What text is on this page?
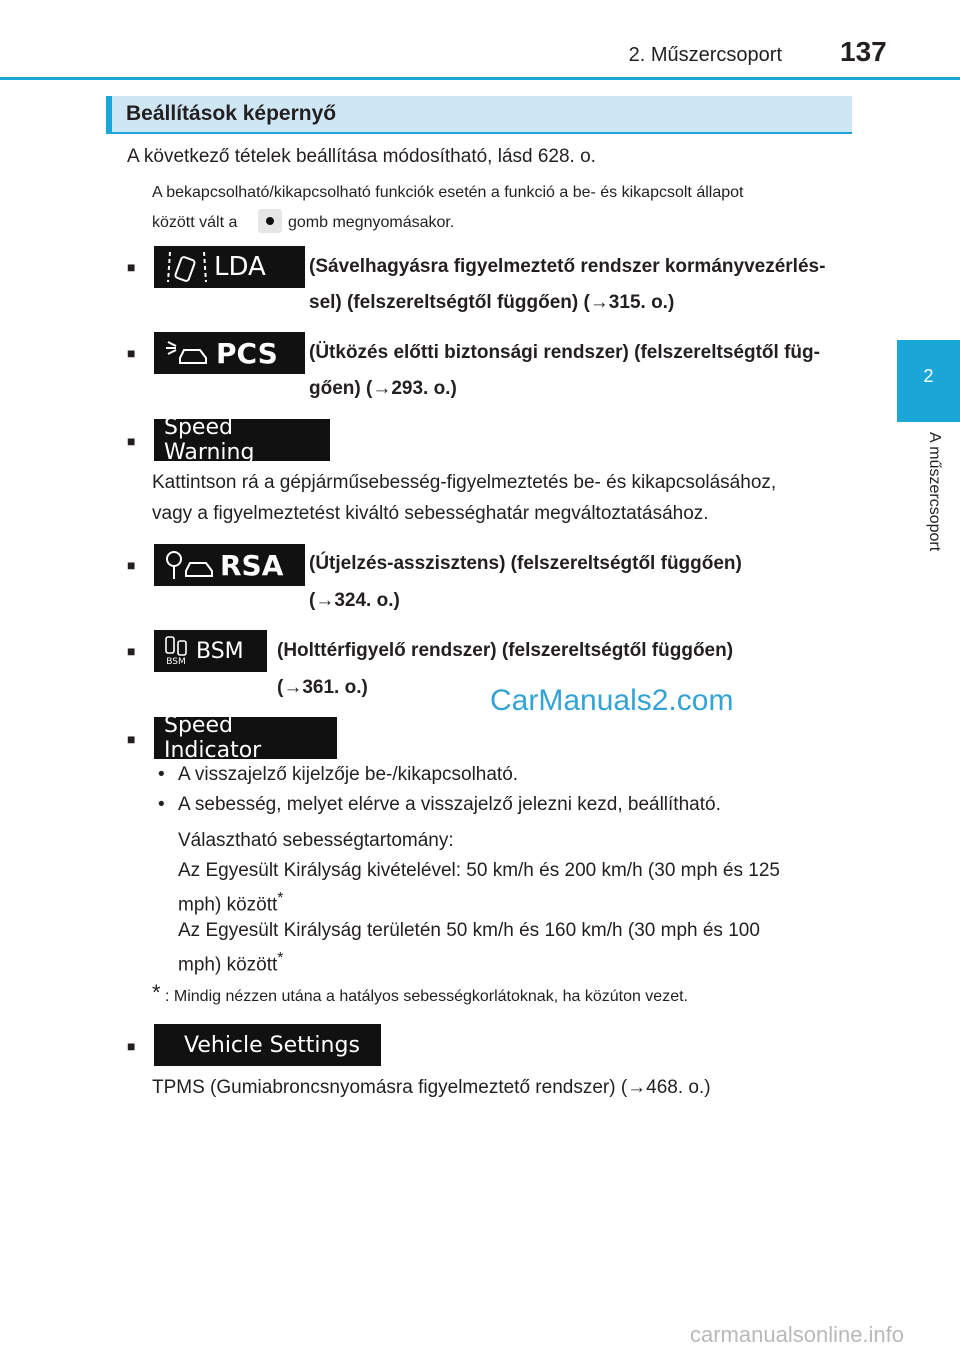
2. Műszercsoport 137
2
A műszercsoport
Beállítások képernyő
A következő tételek beállítása módosítható, lásd 628. o.
A bekapcsolható/kikapcsolható funkciók esetén a funkció a be- és kikapcsolt állapot
között vált a	gomb megnyomásakor.
■	LDA (Sávelhagyásra figyelmeztető rendszer kormányvezérlés-
sel) (felszereltségtől függően) (→315. o.)
■	PCS (Ütközés előtti biztonsági rendszer) (felszereltségtől füg-
gően) (→293. o.)
■
Speed Warning
Kattintson rá a gépjárműsebesség-figyelmeztetés be- és kikapcsolásához,
vagy a figyelmeztetést kiváltó sebességhatár megváltoztatásához.
■	RSA (Útjelzés-asszisztens) (felszereltségtől függően)
(→324. o.)
■
BSM BSM (Holttérfigyelő rendszer) (felszereltségtől függően)
(→361. o.)	CarManuals2.com
■
Speed Indicator
• A visszajelző kijelzője be-/kikapcsolható.
• A sebesség, melyet elérve a visszajelző jelezni kezd, beállítható.
Választható sebességtartomány:
Az Egyesült Királyság kivételével: 50 km/h és 200 km/h (30 mph és 125
mph) között*
Az Egyesült Királyság területén 50 km/h és 160 km/h (30 mph és 100
mph) között*
* : Mindig nézzen utána a hatályos sebességkorlátoknak, ha közúton vezet.
■ Vehicle Settings
TPMS (Gumiabroncsnyomásra figyelmeztető rendszer) (→468. o.)
carmanualsonline.info
